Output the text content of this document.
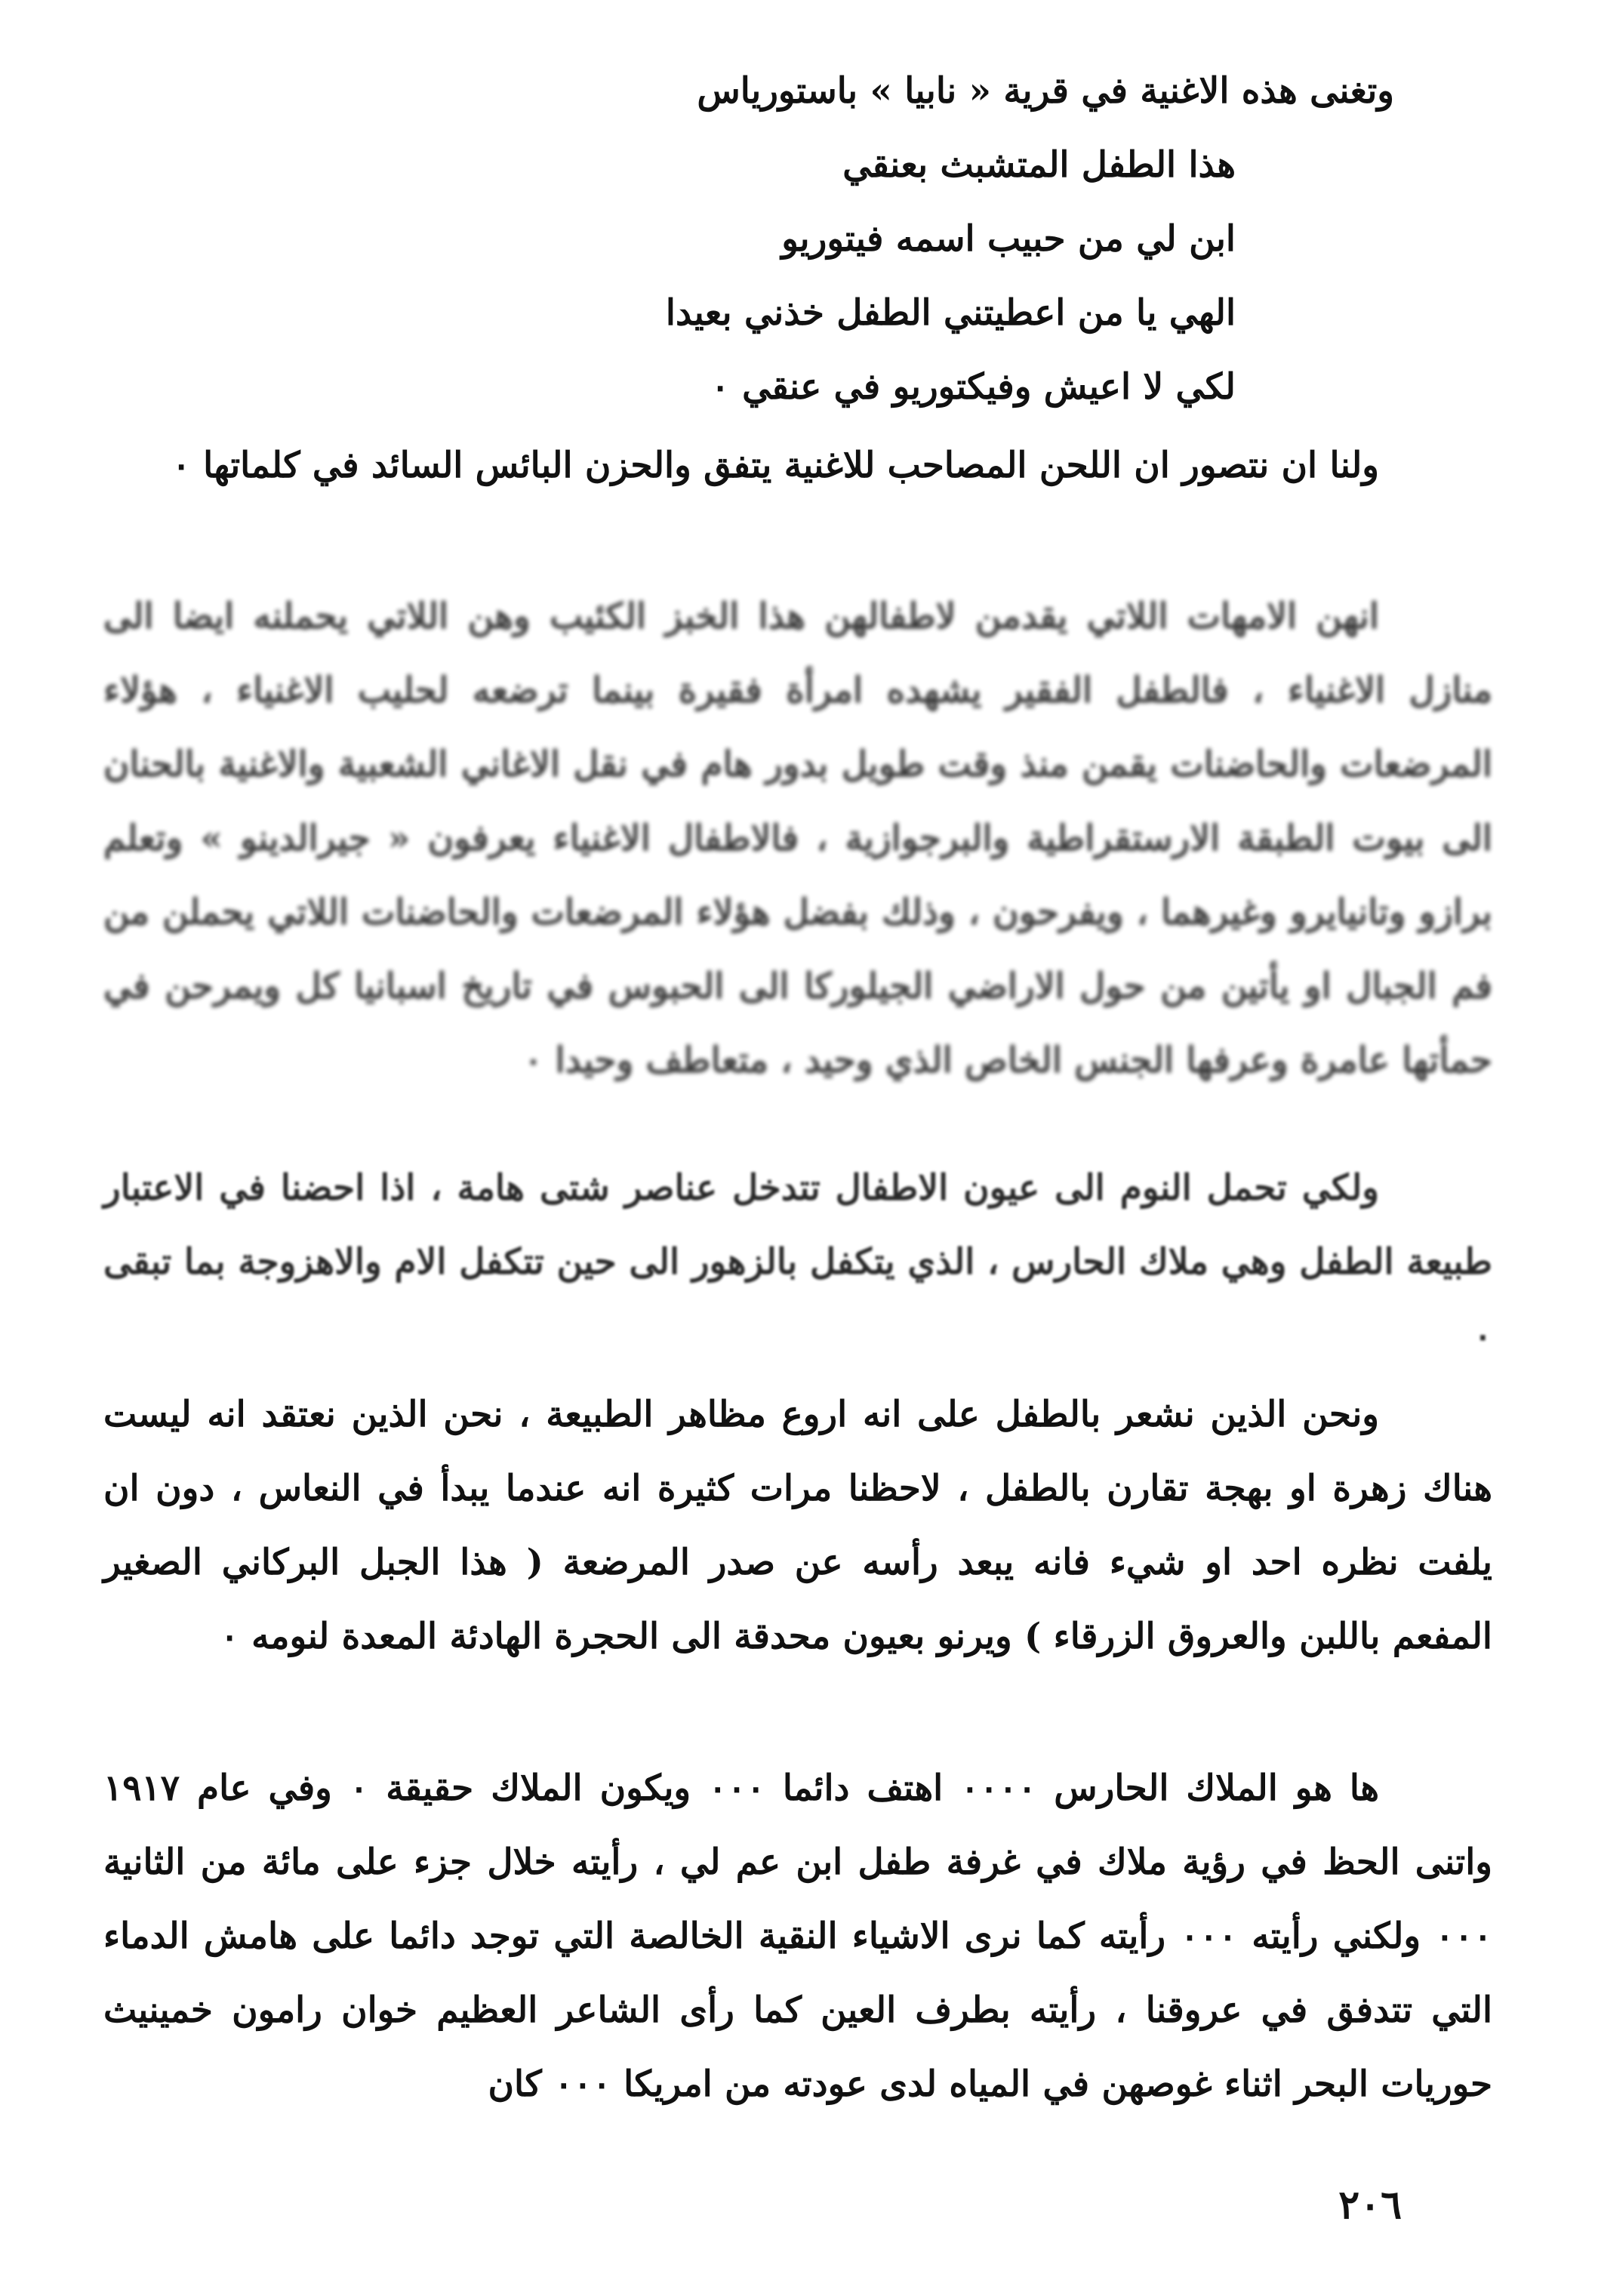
وتغنى هذه الاغنية في قرية « نابيا » باستورياس
هذا الطفل المتشبث بعنقي
ابن لي من حبيب اسمه فيتوريو
الهي يا من اعطيتني الطفل خذني بعيدا
لكي لا اعيش وفيكتوريو في عنقي ٠

ولنا ان نتصور ان اللحن المصاحب للاغنية يتفق والحزن البائس السائد في كلماتها ٠

انهن الامهات اللاتي يقدمن لاطفالهن هذا الخبز الكئيب وهن اللاتي يحملنه ايضا الى منازل الاغنياء ، فالطفل الفقير يشهده امرأة فقيرة بينما ترضعه لحليب الاغنياء ، هؤلاء المرضعات والحاضنات يقمن منذ وقت طويل بدور هام في نقل الاغاني الشعبية والاغنية بالحنان الى بيوت الطبقة الارستقراطية والبرجوازية ، فالاطفال الاغنياء يعرفون « جيرالدينو » وتعلم برازو وتانيايرو وغيرهما ، ويفرحون ، وذلك بفضل هؤلاء المرضعات والحاضنات اللاتي يحملن من فم الجبال او يأتين من حول الاراضي الجيلوركا الى الحبوس في تاريخ اسبانيا كل ويمرحن في حمأتها عامرة وعرفها الجنس الخاص الذي وحيد ، متعاطف وحيدا ٠

ولكي تحمل النوم الى عيون الاطفال تتدخل عناصر شتى هامة ، اذا احضنا في الاعتبار طبيعة الطفل وهي ملاك الحارس ، الذي يتكفل بالزهور الى حين تتكفل الام والاهزوجة بما تبقى ٠

ونحن الذين نشعر بالطفل على انه اروع مظاهر الطبيعة ، نحن الذين نعتقد انه ليست هناك زهرة او بهجة تقارن بالطفل ، لاحظنا مرات كثيرة انه عندما يبدأ في النعاس ، دون ان يلفت نظره احد او شيء فانه يبعد رأسه عن صدر المرضعة ( هذا الجبل البركاني الصغير المفعم باللبن والعروق الزرقاء ) ويرنو بعيون محدقة الى الحجرة الهادئة المعدة لنومه ٠

ها هو الملاك الحارس ٠٠٠٠ اهتف دائما ٠٠٠ ويكون الملاك حقيقة ٠ وفي عام ١٩١٧ واتنى الحظ في رؤية ملاك في غرفة طفل ابن عم لي ، رأيته خلال جزء على مائة من الثانية ٠٠٠ ولكني رأيته ٠٠٠ رأيته كما نرى الاشياء النقية الخالصة التي توجد دائما على هامش الدماء التي تتدفق في عروقنا ، رأيته بطرف العين كما رأى الشاعر العظيم خوان رامون خمينيث حوريات البحر اثناء غوصهن في المياه لدى عودته من امريكا ٠٠٠ كان

٢٠٦
